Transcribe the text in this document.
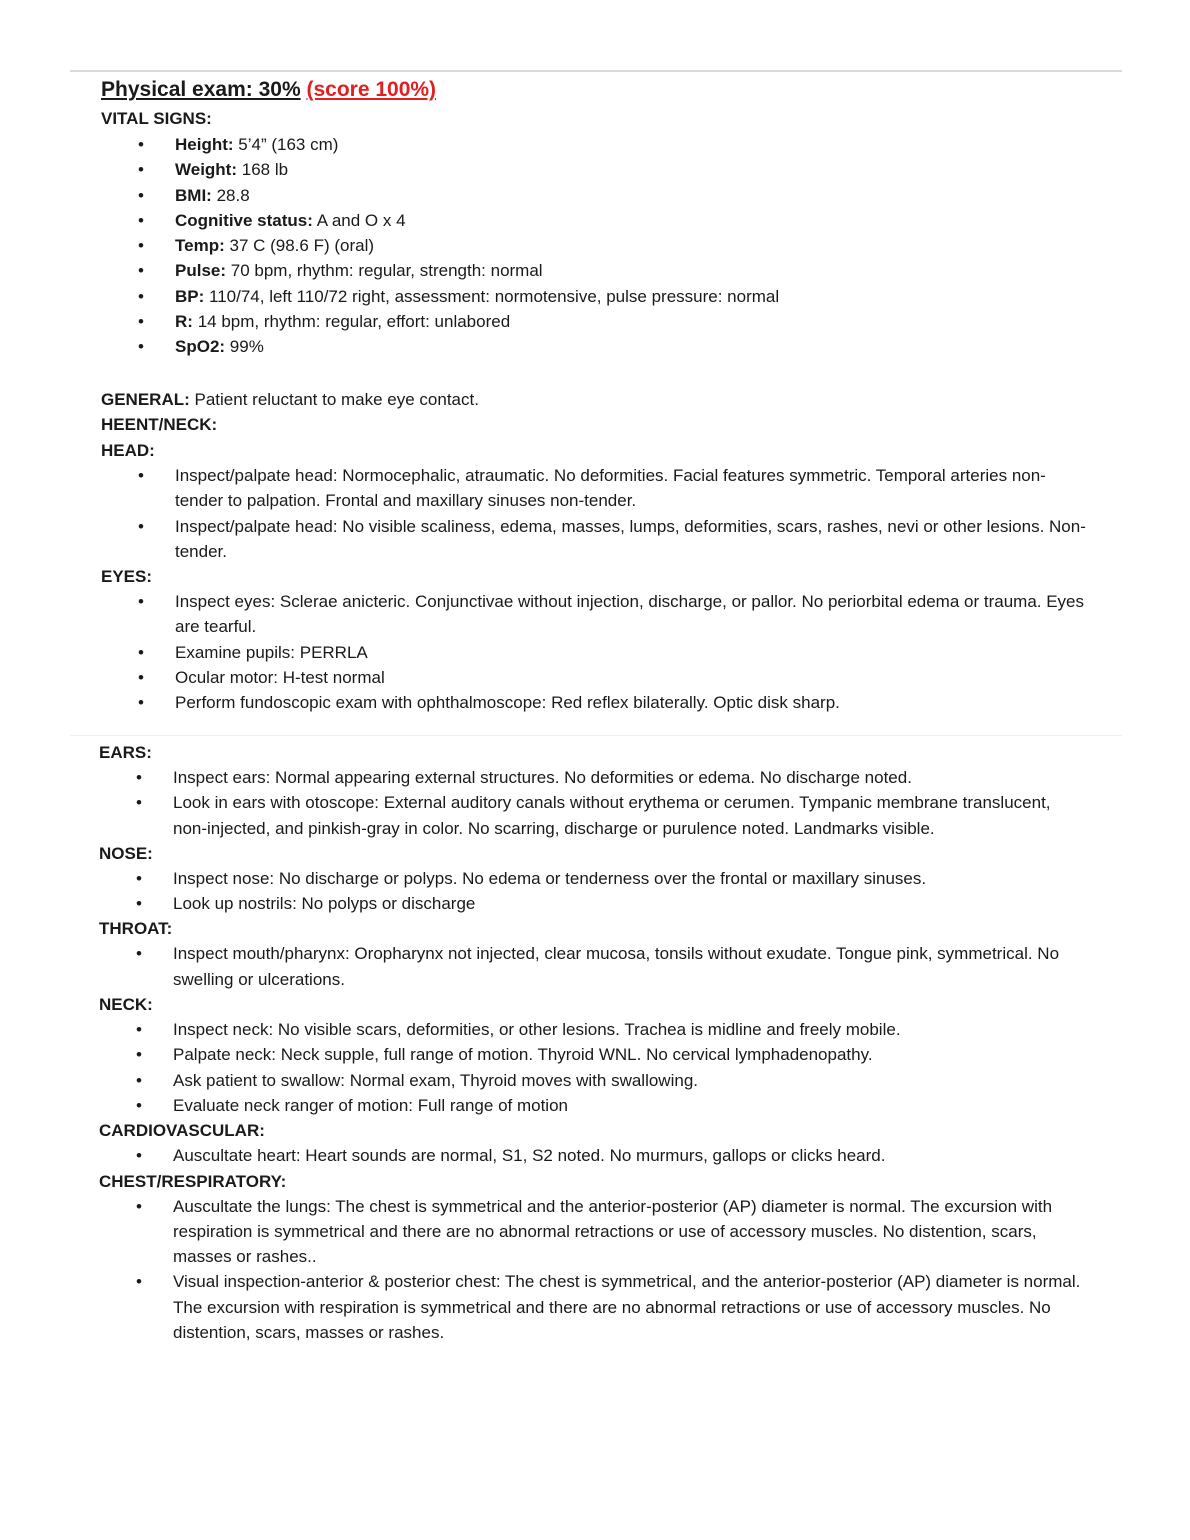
Physical exam: 30% (score 100%)
VITAL SIGNS:
• Height: 5’4” (163 cm)
• Weight: 168 lb
• BMI: 28.8
• Cognitive status: A and O x 4
• Temp: 37 C (98.6 F) (oral)
• Pulse: 70 bpm, rhythm: regular, strength: normal
• BP: 110/74, left 110/72 right, assessment: normotensive, pulse pressure: normal
• R: 14 bpm, rhythm: regular, effort: unlabored
• SpO2: 99%
GENERAL: Patient reluctant to make eye contact.
HEENT/NECK:
HEAD:
• Inspect/palpate head: Normocephalic, atraumatic. No deformities. Facial features symmetric. Temporal arteries non-tender to palpation. Frontal and maxillary sinuses non-tender.
• Inspect/palpate head: No visible scaliness, edema, masses, lumps, deformities, scars, rashes, nevi or other lesions. Non-tender.
EYES:
• Inspect eyes: Sclerae anicteric. Conjunctivae without injection, discharge, or pallor. No periorbital edema or trauma. Eyes are tearful.
• Examine pupils: PERRLA
• Ocular motor: H-test normal
• Perform fundoscopic exam with ophthalmoscope: Red reflex bilaterally. Optic disk sharp.
EARS:
• Inspect ears: Normal appearing external structures. No deformities or edema. No discharge noted.
• Look in ears with otoscope: External auditory canals without erythema or cerumen. Tympanic membrane translucent, non-injected, and pinkish-gray in color. No scarring, discharge or purulence noted. Landmarks visible.
NOSE:
• Inspect nose: No discharge or polyps. No edema or tenderness over the frontal or maxillary sinuses.
• Look up nostrils: No polyps or discharge
THROAT:
• Inspect mouth/pharynx: Oropharynx not injected, clear mucosa, tonsils without exudate. Tongue pink, symmetrical. No swelling or ulcerations.
NECK:
• Inspect neck: No visible scars, deformities, or other lesions. Trachea is midline and freely mobile.
• Palpate neck: Neck supple, full range of motion. Thyroid WNL. No cervical lymphadenopathy.
• Ask patient to swallow: Normal exam, Thyroid moves with swallowing.
• Evaluate neck ranger of motion: Full range of motion
CARDIOVASCULAR:
• Auscultate heart: Heart sounds are normal, S1, S2 noted. No murmurs, gallops or clicks heard.
CHEST/RESPIRATORY:
• Auscultate the lungs: The chest is symmetrical and the anterior-posterior (AP) diameter is normal. The excursion with respiration is symmetrical and there are no abnormal retractions or use of accessory muscles. No distention, scars, masses or rashes..
• Visual inspection-anterior & posterior chest: The chest is symmetrical, and the anterior-posterior (AP) diameter is normal. The excursion with respiration is symmetrical and there are no abnormal retractions or use of accessory muscles. No distention, scars, masses or rashes.
